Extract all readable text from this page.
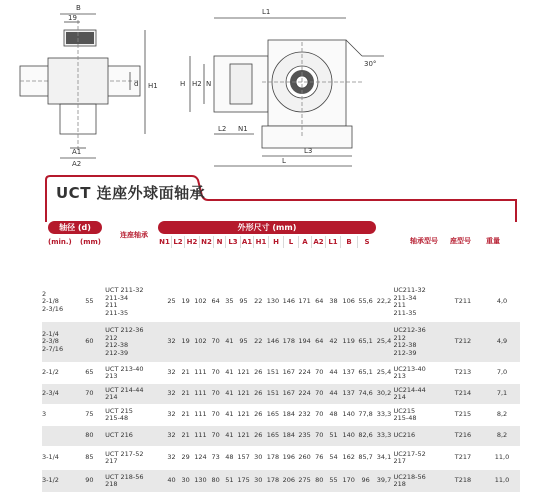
B
19
d H1
A1
A2
L1
H H2 N
30°
L2 N1
L3
L
UCT 连座外球面轴承
轴径 (d)	外形尺寸 (mm)
(min.) (mm)
连座轴承
轴承型号 座型号 重量
N1 L2 H2 N2 N L3 A1 H1 H	L	A A2 L1	B	S
2
2-1/8
2-3/16	55	UCT 211-32
211-34
211
211-35	25	19	102	64	35	95	22	130	146	171	64	38	106	55,6	22,2	UC211-32
211-34
211
211-35	T211	4,0
2-1/4
2-3/8
2-7/16	60	UCT 212-36
212
212-38
212-39	32	19	102	70	41	95	22	146	178	194	64	42	119	65,1	25,4	UC212-36
212
212-38
212-39	T212	4,9
2-1/2	65	UCT 213-40
213	32	21	111	70	41	121	26	151	167	224	70	44	137	65,1	25,4	UC213-40
213	T213	7,0
2-3/4	70	UCT 214-44
214	32	21	111	70	41	121	26	151	167	224	70	44	137	74,6	30,2	UC214-44
214	T214	7,1
3	75	UCT 215
215-48	32	21	111	70	41	121	26	165	184	232	70	48	140	77,8	33,3	UC215
215-48	T215	8,2
	80	UCT 216	32	21	111	70	41	121	26	165	184	235	70	51	140	82,6	33,3	UC216	T216	8,2
3-1/4	85	UCT 217-52
217	32	29	124	73	48	157	30	178	196	260	76	54	162	85,7	34,1	UC217-52
217	T217	11,0
3-1/2	90	UCT 218-56
218	40	30	130	80	51	175	30	178	206	275	80	55	170	96	39,7	UC218-56
218	T218	11,0
